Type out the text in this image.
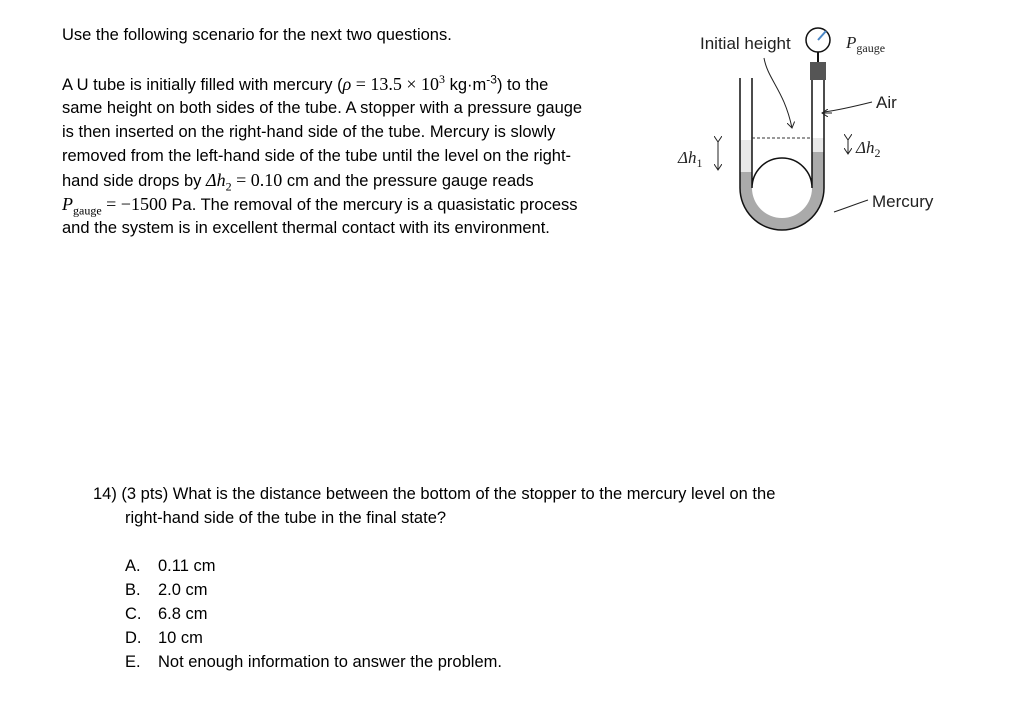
Use the following scenario for the next two questions.
A U tube is initially filled with mercury ($\rho = 13.5 \times 10^3$ $kg\cdot m^{-3}$) to the
same height on both sides of the tube. A stopper with a pressure gauge
is then inserted on the right-hand side of the tube. Mercury is slowly
removed from the left-hand side of the tube until the level on the right-
hand side drops by $\Delta h_2 = 0.10$ cm and the pressure gauge reads
$P_{gauge} = -1500$ Pa. The removal of the mercury is a quasistatic process
and the system is in excellent thermal contact with its environment.
Initial height	$P_{gauge}$
Air
Mercury
$\Delta h_1$
$\Delta h_2$
14) (3 pts) What is the distance between the bottom of the stopper to the mercury level on the
right-hand side of the tube in the final state?
A. 0.11 cm
B. 2.0 cm
C. 6.8 cm
D. 10 cm
E. Not enough information to answer the problem.
